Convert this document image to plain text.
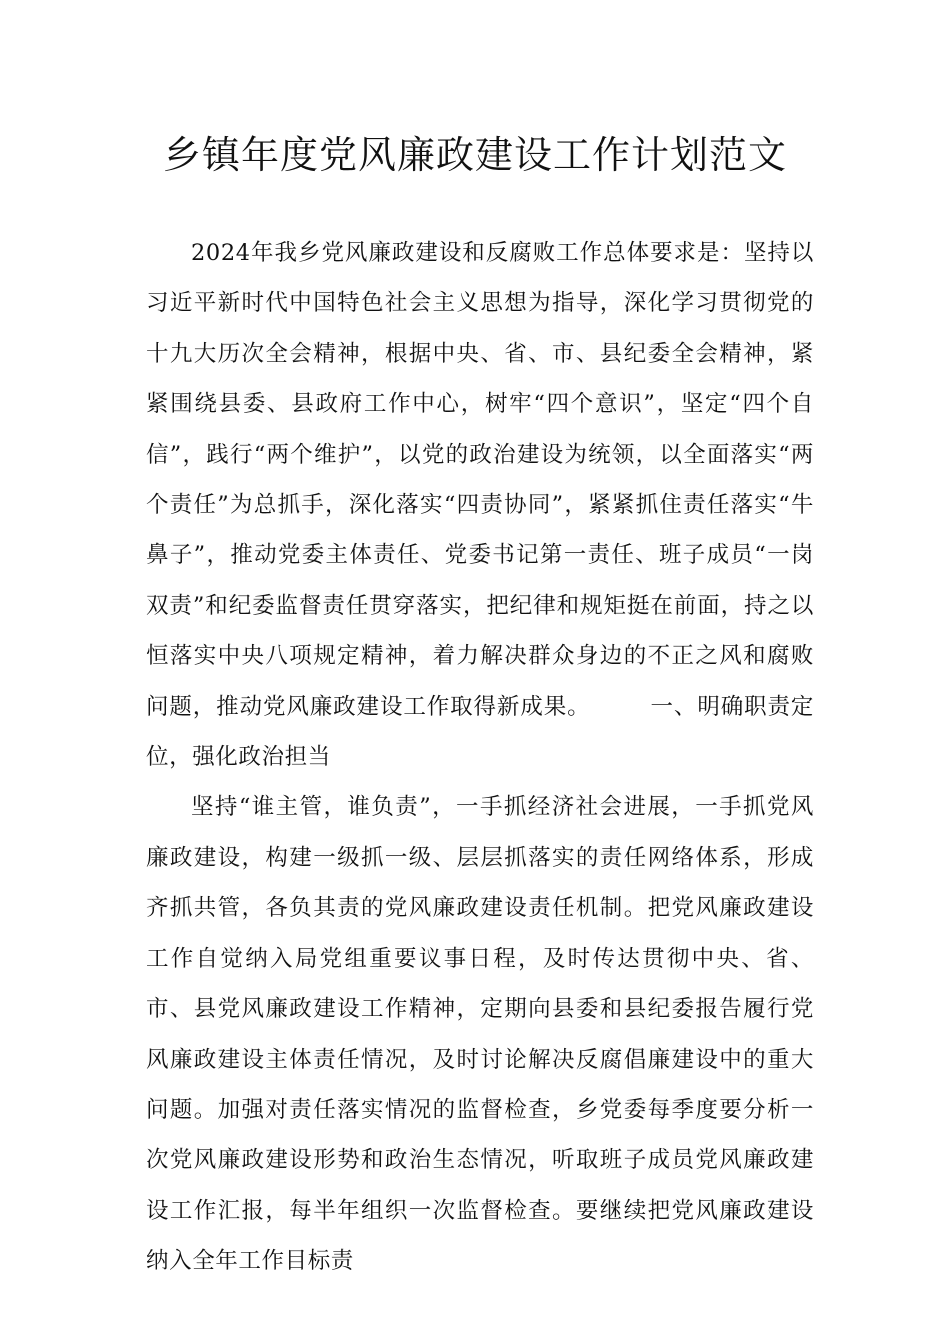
乡镇年度党风廉政建设工作计划范文

2024年我乡党风廉政建设和反腐败工作总体要求是：坚持以习近平新时代中国特色社会主义思想为指导，深化学习贯彻党的十九大历次全会精神，根据中央、省、市、县纪委全会精神，紧紧围绕县委、县政府工作中心，树牢“四个意识”，坚定“四个自信”，践行“两个维护”，以党的政治建设为统领，以全面落实“两个责任”为总抓手，深化落实“四责协同”，紧紧抓住责任落实“牛鼻子”，推动党委主体责任、党委书记第一责任、班子成员“一岗双责”和纪委监督责任贯穿落实，把纪律和规矩挺在前面，持之以恒落实中央八项规定精神，着力解决群众身边的不正之风和腐败问题，推动党风廉政建设工作取得新成果。	一、明确职责定位，强化政治担当

坚持“谁主管，谁负责”，一手抓经济社会进展，一手抓党风廉政建设，构建一级抓一级、层层抓落实的责任网络体系，形成齐抓共管，各负其责的党风廉政建设责任机制。把党风廉政建设工作自觉纳入局党组重要议事日程，及时传达贯彻中央、省、市、县党风廉政建设工作精神，定期向县委和县纪委报告履行党风廉政建设主体责任情况，及时讨论解决反腐倡廉建设中的重大问题。加强对责任落实情况的监督检查，乡党委每季度要分析一次党风廉政建设形势和政治生态情况，听取班子成员党风廉政建设工作汇报，每半年组织一次监督检查。要继续把党风廉政建设纳入全年工作目标责
